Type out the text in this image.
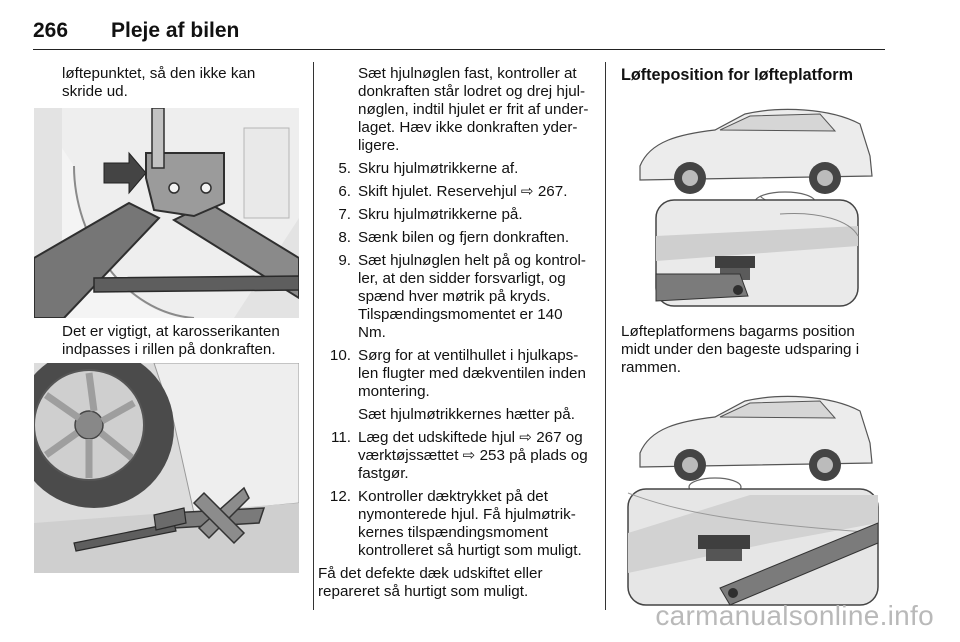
266 Pleje af bilen
løftepunktet, så den ikke kan skride ud.
Det er vigtigt, at karosserikanten indpasses i rillen på donkraften.

Sæt hjulnøglen fast, kontroller at donkraften står lodret og drej hjulnøglen, indtil hjulet er frit af underlaget. Hæv ikke donkraften yderligere.

5. Skru hjulmøtrikkerne af.
6. Skift hjulet. Reservehjul ⇨ 267.
7. Skru hjulmøtrikkerne på.
8. Sænk bilen og fjern donkraften.
9. Sæt hjulnøglen helt på og kontroller, at den sidder forsvarligt, og spænd hver møtrik på kryds. Tilspændingsmomentet er 140 Nm.
10. Sørg for at ventilhullet i hjulkapslen flugter med dækventilen inden montering.
Sæt hjulmøtrikkernes hætter på.
11. Læg det udskiftede hjul ⇨ 267 og værktøjssættet ⇨ 253 på plads og fastgør.
12. Kontroller dæktrykket på det nymonterede hjul. Få hjulmøtrikkernes tilspændingsmoment kontrolleret så hurtigt som muligt.

Få det defekte dæk udskiftet eller repareret så hurtigt som muligt.

Løfteposition for løfteplatform
Løfteplatformens bagarms position midt under den bageste udsparing i rammen.
carmanualsonline.info
